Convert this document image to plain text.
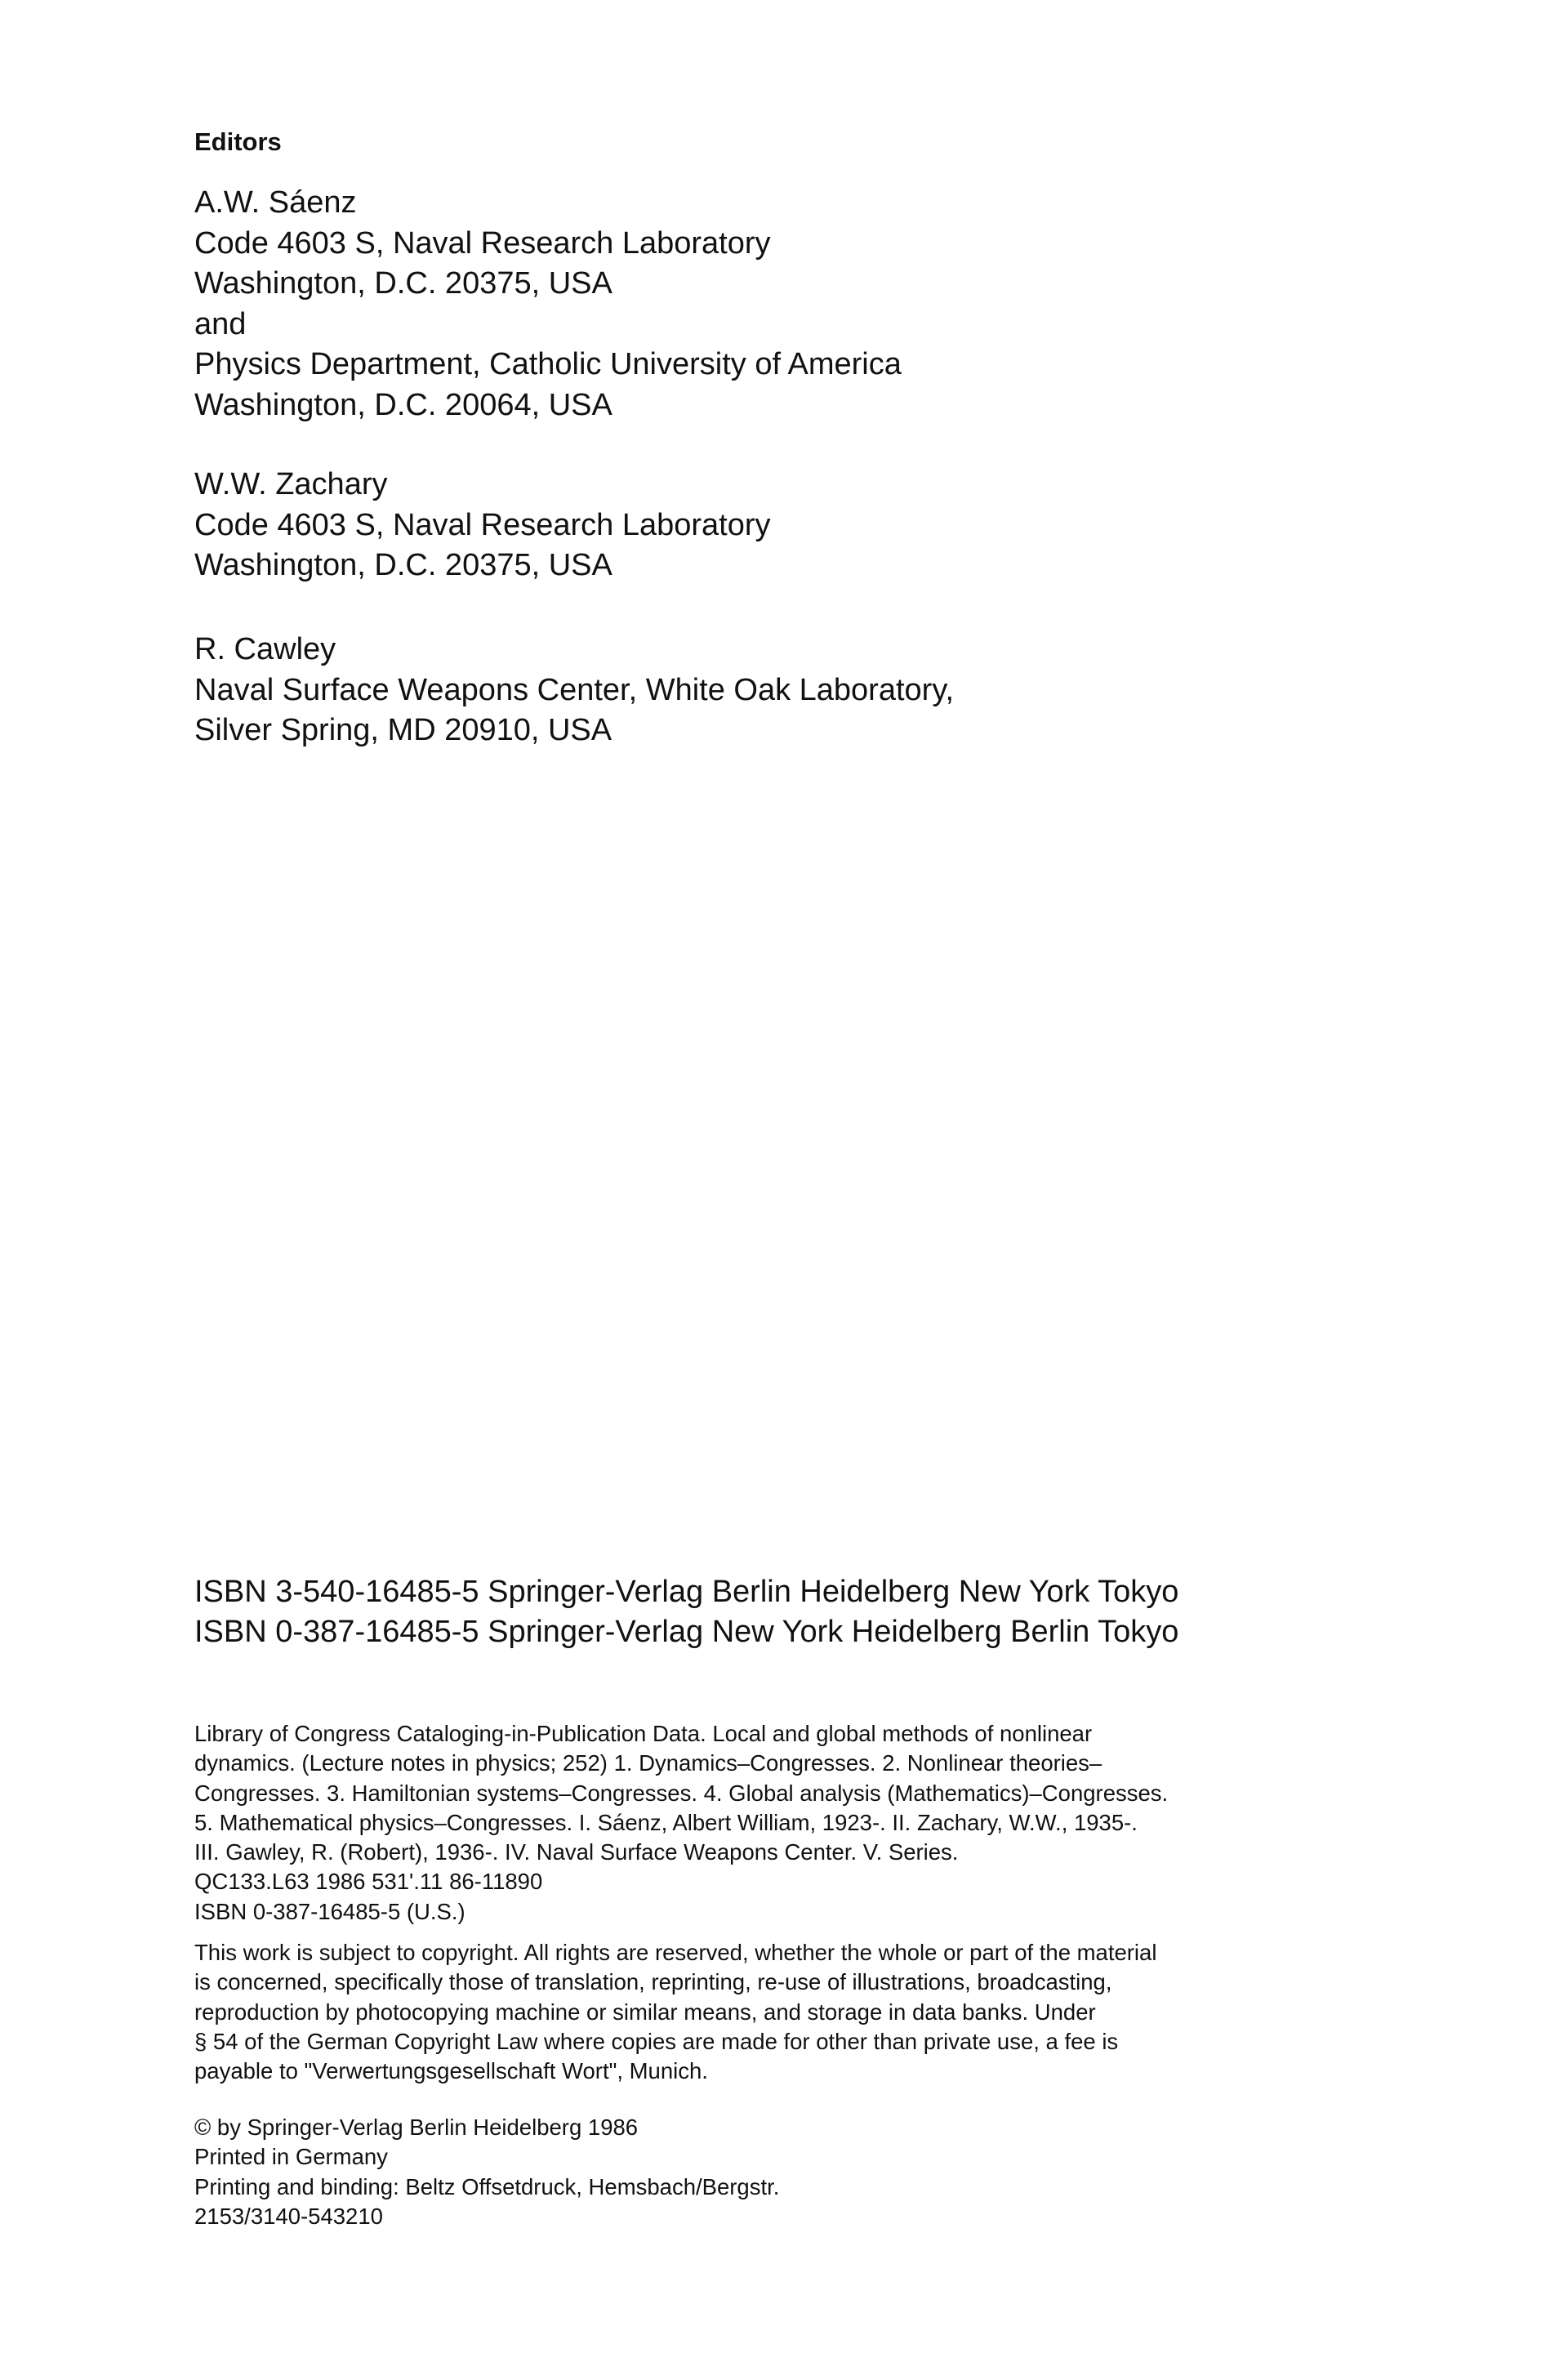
Editors
A.W. Sáenz
Code 4603 S, Naval Research Laboratory
Washington, D.C. 20375, USA
and
Physics Department, Catholic University of America
Washington, D.C. 20064, USA
W.W. Zachary
Code 4603 S, Naval Research Laboratory
Washington, D.C. 20375, USA
R. Cawley
Naval Surface Weapons Center, White Oak Laboratory,
Silver Spring, MD 20910, USA
ISBN 3-540-16485-5 Springer-Verlag Berlin Heidelberg New York Tokyo
ISBN 0-387-16485-5 Springer-Verlag New York Heidelberg Berlin Tokyo
Library of Congress Cataloging-in-Publication Data. Local and global methods of nonlinear
dynamics. (Lecture notes in physics; 252) 1. Dynamics–Congresses. 2. Nonlinear theories–
Congresses. 3. Hamiltonian systems–Congresses. 4. Global analysis (Mathematics)–Congresses.
5. Mathematical physics–Congresses. I. Sáenz, Albert William, 1923-. II. Zachary, W.W., 1935-.
III. Gawley, R. (Robert), 1936-. IV. Naval Surface Weapons Center. V. Series.
QC133.L63 1986 531'.11 86-11890
ISBN 0-387-16485-5 (U.S.)
This work is subject to copyright. All rights are reserved, whether the whole or part of the material
is concerned, specifically those of translation, reprinting, re-use of illustrations, broadcasting,
reproduction by photocopying machine or similar means, and storage in data banks. Under
§ 54 of the German Copyright Law where copies are made for other than private use, a fee is
payable to "Verwertungsgesellschaft Wort", Munich.
© by Springer-Verlag Berlin Heidelberg 1986
Printed in Germany
Printing and binding: Beltz Offsetdruck, Hemsbach/Bergstr.
2153/3140-543210
